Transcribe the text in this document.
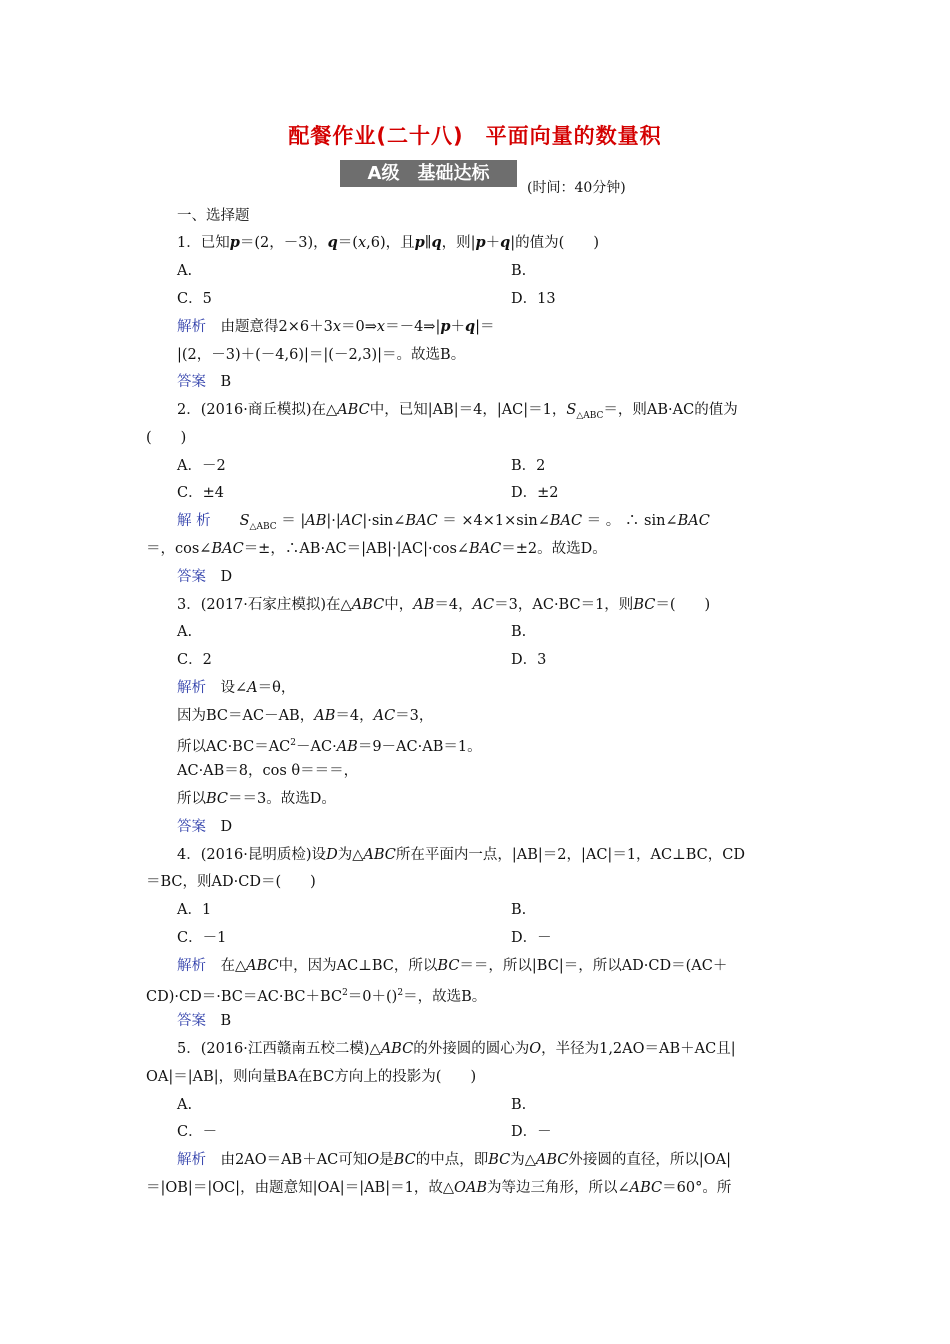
配餐作业(二十八)　平面向量的数量积
A级　基础达标
(时间：40分钟)
一、选择题
1．已知p＝(2，－3)，q＝(x,6)，且p∥q，则|p＋q|的值为(　　)
A.	B.
C．5	D．13
解析　 由题意得2×6＋3x＝0⇒x＝－4⇒|p＋q|＝
|(2，－3)＋(－4,6)|＝|(－2,3)|＝。故选B。
答案　 B
2．(2016·商丘模拟)在△ABC中，已知|AB|＝4，|AC|＝1，$S_{\triangle ABC}=$，则AB·AC的值为
(　　)
A．－2	B．2
C．±4	D．±2
解 析　　 $S_{\triangle ABC}$ ＝ |AB|·|AC|·sin∠BAC ＝ ×4×1×sin∠BAC ＝ 。 ∴ sin∠BAC
＝，cos∠BAC＝±，∴AB·AC＝|AB|·|AC|·cos∠BAC＝±2。故选D。
答案　 D
3．(2017·石家庄模拟)在△ABC中，AB＝4，AC＝3，AC·BC＝1，则BC＝(　　)
A.	B.
C．2	D．3
解析　 设∠A＝θ，
因为BC＝AC－AB，AB＝4，AC＝3，
所以$AC\cdot BC=AC^2-AC\cdot AB=9-AC\cdot AB=1$。
AC·AB＝8，cos θ＝＝＝，
所以BC＝＝3。故选D。
答案　 D
4．(2016·昆明质检)设D为△ABC所在平面内一点，|AB|＝2，|AC|＝1，AC⊥BC，CD
＝BC，则AD·CD＝(　　)
A．1	B.
C．－1	D．－
解析　 在△ABC中，因为AC⊥BC，所以BC＝＝，所以|BC|＝，所以AD·CD＝(AC＋
$CD)\cdot CD=\cdot BC=AC\cdot BC+BC^2=0+()^2=$，故选B。
答案　 B
5．(2016·江西赣南五校二模)△ABC的外接圆的圆心为O，半径为1,2AO＝AB＋AC且|
OA|＝|AB|，则向量BA在BC方向上的投影为(　　)
A.	B.
C．－	D．－
解析　 由2AO＝AB＋AC可知O是BC的中点，即BC为△ABC外接圆的直径，所以|OA|
＝|OB|＝|OC|，由题意知|OA|＝|AB|＝1，故△OAB为等边三角形，所以∠ABC＝60°。所
